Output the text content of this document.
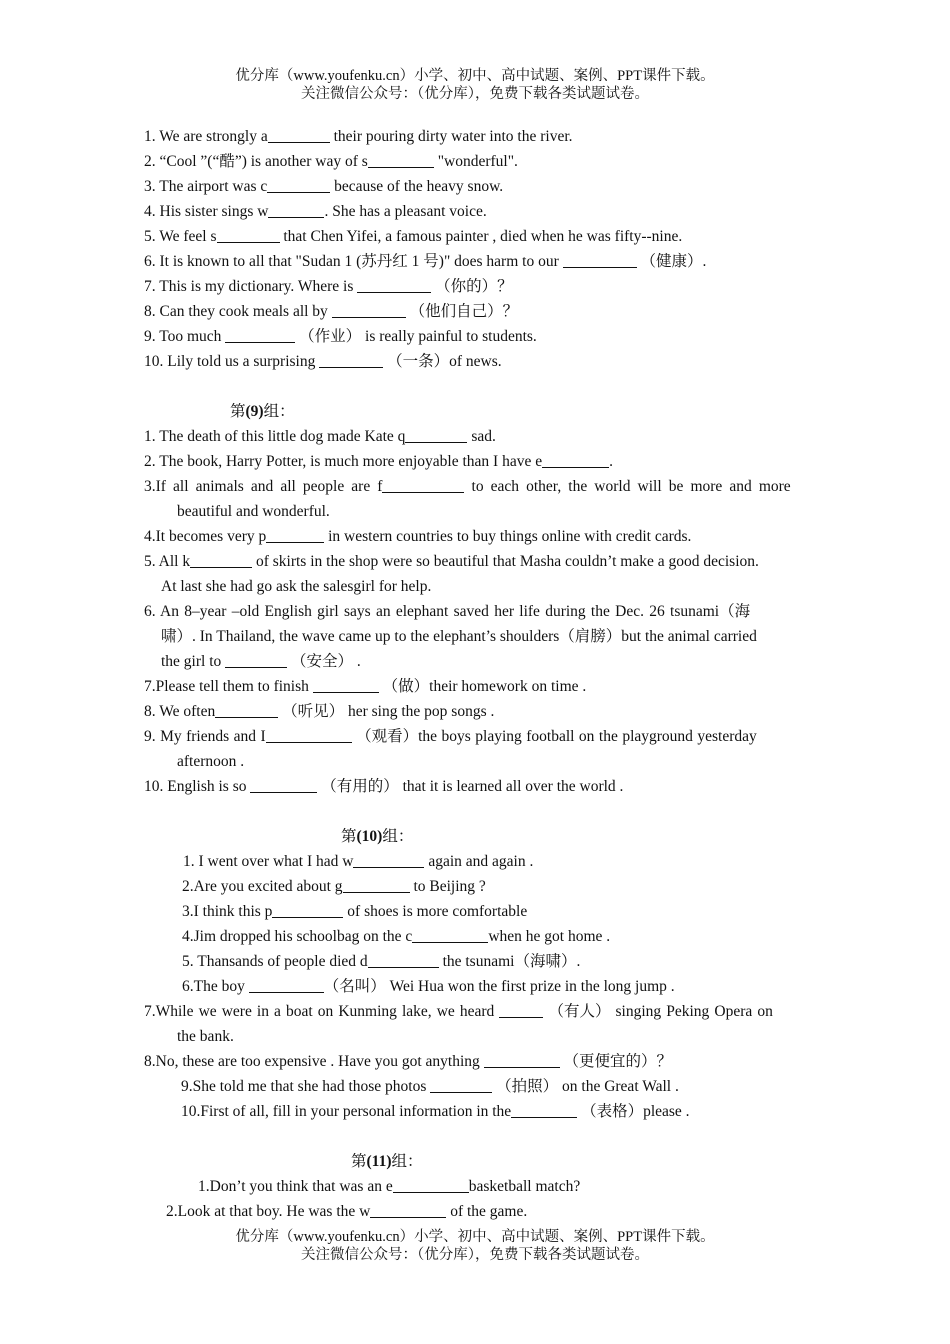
优分库（www.youfenku.cn）小学、初中、高中试题、案例、PPT课件下载。
关注微信公众号：（优分库），免费下载各类试题试卷。
1. We are strongly a	their pouring dirty water into the river.
2. “Cool ”(“酷”) is another way of s	"wonderful".
3. The airport was c	because of the heavy snow.
4. His sister sings w	. She has a pleasant voice.
5. We feel s	that Chen Yifei, a famous painter , died when he was fifty--nine.
6. It is known to all that "Sudan 1 (苏丹红 1 号)" does harm to our	（健康）.
7. This is my dictionary. Where is	（你的）？
8. Can they cook meals all by	（他们自己）？
9. Too much	（作业） is really painful to students.
10. Lily told us a surprising	（一条）of news.
第(9)组：
1. The death of this little dog made Kate q	sad.
2. The book, Harry Potter, is much more enjoyable than I have e	.
3.If all animals and all people are f	to each other, the world will be more and more
beautiful and wonderful.
4.It becomes very p	in western countries to buy things online with credit cards.
5. All k	of skirts in the shop were so beautiful that Masha couldn’t make a good decision.
At last she had go ask the salesgirl for help.
6. An 8–year –old English girl says an elephant saved her life during the Dec. 26 tsunami（海
啸）. In Thailand, the wave came up to the elephant’s shoulders（肩膀）but the animal carried
the girl to	（安全） .
7.Please tell them to finish	（做）their homework on time .
8. We often	（听见） her sing the pop songs .
9. My friends and I	（观看）the boys playing football on the playground yesterday
afternoon .
10. English is so	（有用的） that it is learned all over the world .
第(10)组：
1. I went over what I had w	again and again .
2.Are you excited about g	to Beijing ?
3.I think this p	of shoes is more comfortable
4.Jim dropped his schoolbag on the c	when he got home .
5. Thansands of people died d	the tsunami（海啸）.
6.The boy	（名叫） Wei Hua won the first prize in the long jump .
7.While we were in a boat on Kunming lake, we heard	（有人） singing Peking Opera on
the bank.
8.No, these are too expensive . Have you got anything	（更便宜的）？
9.She told me that she had those photos	（拍照） on the Great Wall .
10.First of all, fill in your personal information in the	（表格）please .
第(11)组：
1.Don’t you think that was an e	basketball match?
2.Look at that boy. He was the w	of the game.
优分库（www.youfenku.cn）小学、初中、高中试题、案例、PPT课件下载。
关注微信公众号：（优分库），免费下载各类试题试卷。
